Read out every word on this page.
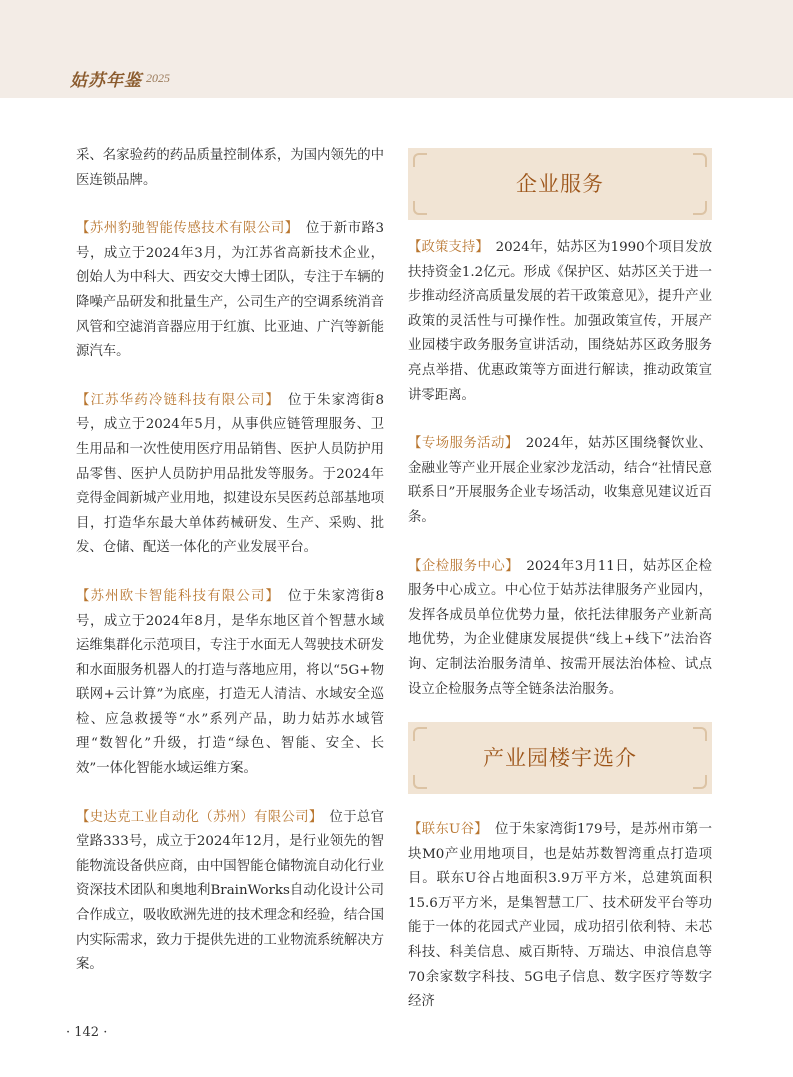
姑苏年鉴 2025

采、名家验药的药品质量控制体系，为国内领先的中医连锁品牌。

【苏州豹驰智能传感技术有限公司】　位于新市路3号，成立于2024年3月，为江苏省高新技术企业，创始人为中科大、西安交大博士团队，专注于车辆的降噪产品研发和批量生产，公司生产的空调系统消音风管和空滤消音器应用于红旗、比亚迪、广汽等新能源汽车。

【江苏华药冷链科技有限公司】　位于朱家湾街8号，成立于2024年5月，从事供应链管理服务、卫生用品和一次性使用医疗用品销售、医护人员防护用品零售、医护人员防护用品批发等服务。于2024年竞得金阊新城产业用地，拟建设东吴医药总部基地项目，打造华东最大单体药械研发、生产、采购、批发、仓储、配送一体化的产业发展平台。

【苏州欧卡智能科技有限公司】　位于朱家湾街8号，成立于2024年8月，是华东地区首个智慧水域运维集群化示范项目，专注于水面无人驾驶技术研发和水面服务机器人的打造与落地应用，将以“5G+物联网+云计算”为底座，打造无人清洁、水域安全巡检、应急救援等“水”系列产品，助力姑苏水域管理“数智化”升级，打造“绿色、智能、安全、长效”一体化智能水域运维方案。

【史达克工业自动化（苏州）有限公司】　位于总官堂路333号，成立于2024年12月，是行业领先的智能物流设备供应商，由中国智能仓储物流自动化行业资深技术团队和奥地利BrainWorks自动化设计公司合作成立，吸收欧洲先进的技术理念和经验，结合国内实际需求，致力于提供先进的工业物流系统解决方案。

企业服务

【政策支持】　2024年，姑苏区为1990个项目发放扶持资金1.2亿元。形成《保护区、姑苏区关于进一步推动经济高质量发展的若干政策意见》，提升产业政策的灵活性与可操作性。加强政策宣传，开展产业园楼宇政务服务宣讲活动，围绕姑苏区政务服务亮点举措、优惠政策等方面进行解读，推动政策宣讲零距离。

【专场服务活动】　2024年，姑苏区围绕餐饮业、金融业等产业开展企业家沙龙活动，结合“社情民意联系日”开展服务企业专场活动，收集意见建议近百条。

【企检服务中心】　2024年3月11日，姑苏区企检服务中心成立。中心位于姑苏法律服务产业园内，发挥各成员单位优势力量，依托法律服务产业新高地优势，为企业健康发展提供“线上+线下”法治咨询、定制法治服务清单、按需开展法治体检、试点设立企检服务点等全链条法治服务。

产业园楼宇选介

【联东U谷】　位于朱家湾街179号，是苏州市第一块M0产业用地项目，也是姑苏数智湾重点打造项目。联东U谷占地面积3.9万平方米，总建筑面积15.6万平方米，是集智慧工厂、技术研发平台等功能于一体的花园式产业园，成功招引依利特、未芯科技、科美信息、威百斯特、万瑞达、申浪信息等70余家数字科技、5G电子信息、数字医疗等数字经济

· 142 ·
